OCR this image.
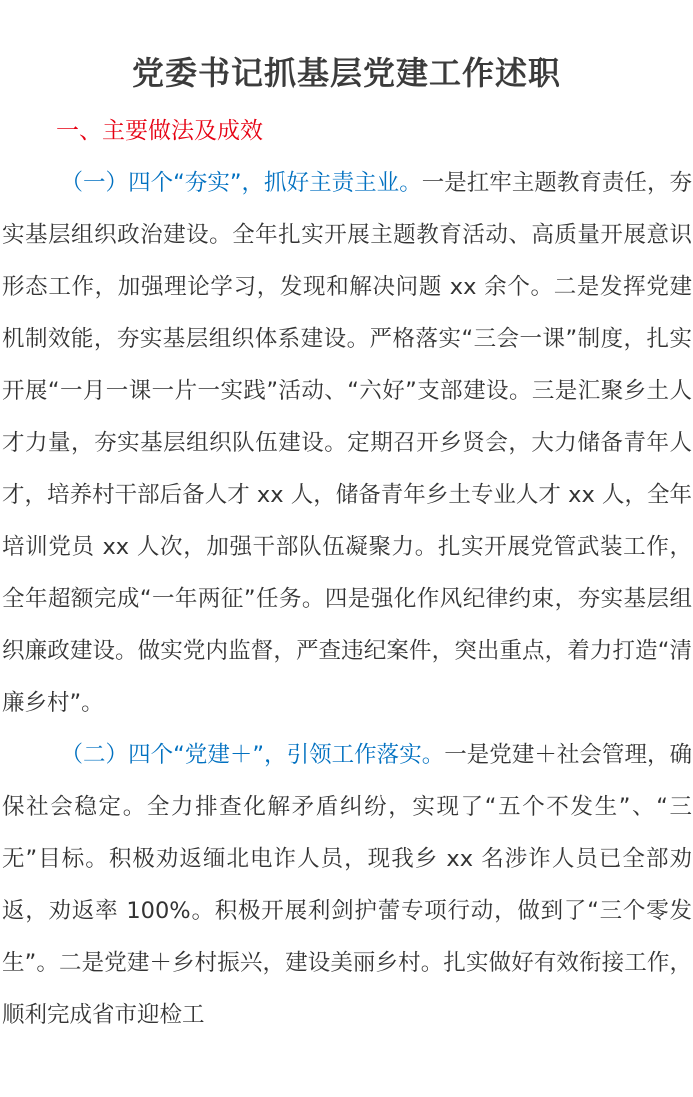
党委书记抓基层党建工作述职
一、主要做法及成效

（一）四个“夯实”，抓好主责主业。一是扛牢主题教育责任，夯实基层组织政治建设。全年扎实开展主题教育活动、高质量开展意识形态工作，加强理论学习，发现和解决问题 xx 余个。二是发挥党建机制效能，夯实基层组织体系建设。严格落实“三会一课”制度，扎实开展“一月一课一片一实践”活动、“六好”支部建设。三是汇聚乡土人才力量，夯实基层组织队伍建设。定期召开乡贤会，大力储备青年人才，培养村干部后备人才 xx 人，储备青年乡土专业人才 xx 人，全年培训党员 xx 人次，加强干部队伍凝聚力。扎实开展党管武装工作，全年超额完成“一年两征”任务。四是强化作风纪律约束，夯实基层组织廉政建设。做实党内监督，严查违纪案件，突出重点，着力打造“清廉乡村”。

（二）四个“党建＋”，引领工作落实。一是党建＋社会管理，确保社会稳定。全力排查化解矛盾纠纷，实现了“五个不发生”、“三无”目标。积极劝返缅北电诈人员，现我乡 xx 名涉诈人员已全部劝返，劝返率 100%。积极开展利剑护蕾专项行动，做到了“三个零发生”。二是党建＋乡村振兴，建设美丽乡村。扎实做好有效衔接工作，顺利完成省市迎检工
